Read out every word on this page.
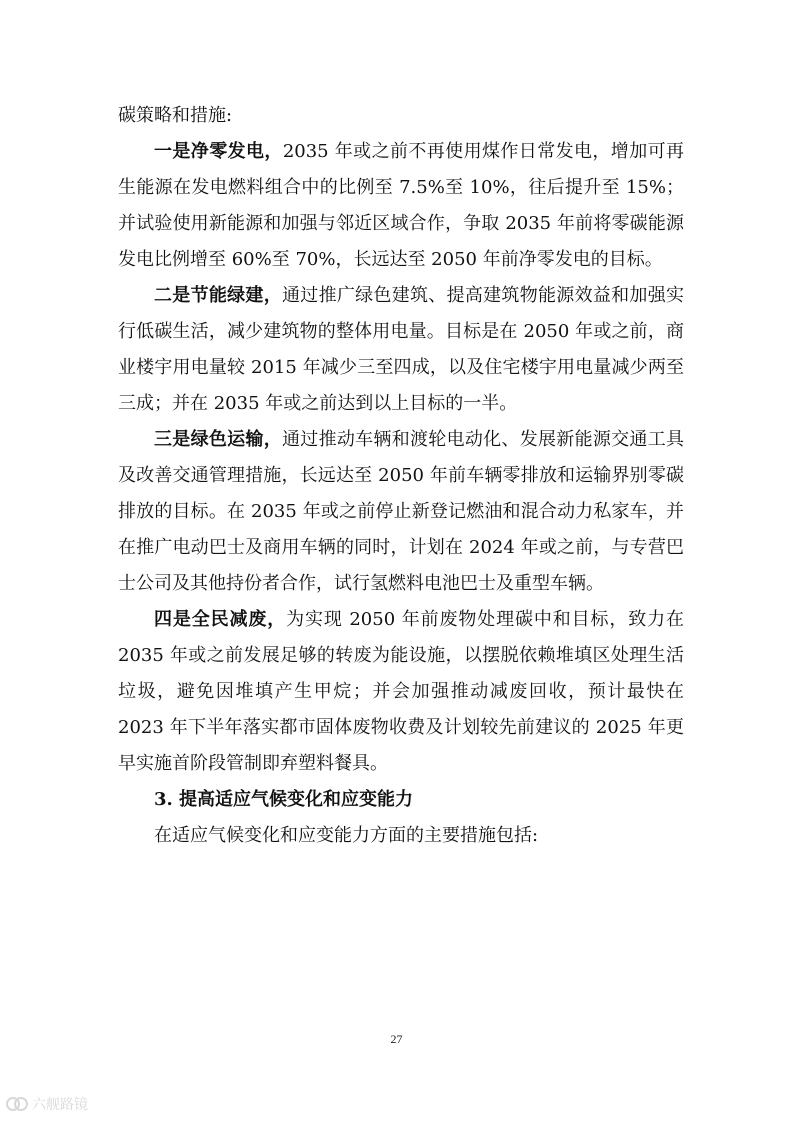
碳策略和措施:

一是净零发电，2035 年或之前不再使用煤作日常发电，增加可再生能源在发电燃料组合中的比例至 7.5%至 10%，往后提升至 15%；并试验使用新能源和加强与邻近区域合作，争取 2035 年前将零碳能源发电比例增至 60%至 70%，长远达至 2050 年前净零发电的目标。

二是节能绿建，通过推广绿色建筑、提高建筑物能源效益和加强实行低碳生活，减少建筑物的整体用电量。目标是在 2050 年或之前，商业楼宇用电量较 2015 年减少三至四成，以及住宅楼宇用电量减少两至三成；并在 2035 年或之前达到以上目标的一半。

三是绿色运输，通过推动车辆和渡轮电动化、发展新能源交通工具及改善交通管理措施，长远达至 2050 年前车辆零排放和运输界别零碳排放的目标。在 2035 年或之前停止新登记燃油和混合动力私家车，并在推广电动巴士及商用车辆的同时，计划在 2024 年或之前，与专营巴士公司及其他持份者合作，试行氢燃料电池巴士及重型车辆。

四是全民减废，为实现 2050 年前废物处理碳中和目标，致力在 2035 年或之前发展足够的转废为能设施，以摆脱依赖堆填区处理生活垃圾，避免因堆填产生甲烷；并会加强推动减废回收，预计最快在 2023 年下半年落实都市固体废物收费及计划较先前建议的 2025 年更早实施首阶段管制即弃塑料餐具。

3. 提高适应气候变化和应变能力

在适应气候变化和应变能力方面的主要措施包括:

27
六舰路镜
